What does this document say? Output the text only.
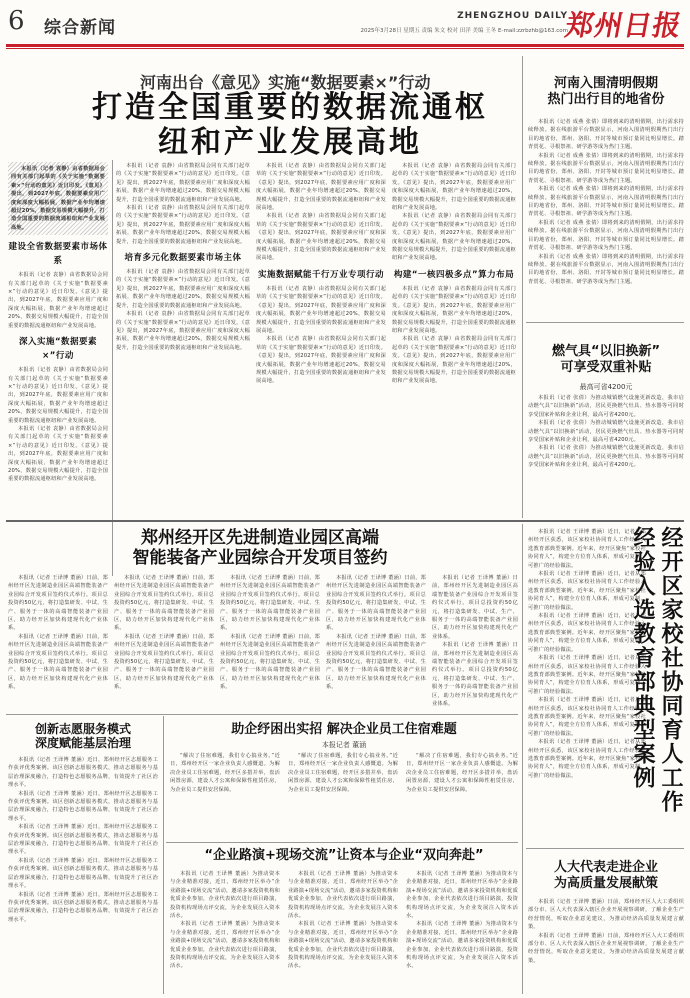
6 综合新闻
ZHENGZHOU DAILY
2025年3月28日 星期五 责编 朱文 校对 田洋 美编 王冬 E-mail:zzrbzhb@163.com
郑州日报
河南出台《意见》实施“数据要素×”行动
打造全国重要的数据流通枢纽和产业发展高地

本报讯（记者 袁静）由省数据局会同有关部门起草的《关于实施“数据要素×”行动的意见》近日印发。《意见》提出，到2027年底，数据要素应用广度和深度大幅拓展，数据产业年均增速超过20%，数据交易规模大幅提升，打造全国重要的数据流通枢纽和产业发展高地。

建设全省数据要素市场体系

本报讯（记者 袁静）由省数据局会同有关部门起草的《关于实施“数据要素×”行动的意见》近日印发。《意见》提出，到2027年底，数据要素应用广度和深度大幅拓展，数据产业年均增速超过20%，数据交易规模大幅提升，打造全国重要的数据流通枢纽和产业发展高地。

深入实施“数据要素×”行动

本报讯（记者 袁静）由省数据局会同有关部门起草的《关于实施“数据要素×”行动的意见》近日印发。《意见》提出，到2027年底，数据要素应用广度和深度大幅拓展，数据产业年均增速超过20%，数据交易规模大幅提升，打造全国重要的数据流通枢纽和产业发展高地。

本报讯（记者 袁静）由省数据局会同有关部门起草的《关于实施“数据要素×”行动的意见》近日印发。《意见》提出，到2027年底，数据要素应用广度和深度大幅拓展，数据产业年均增速超过20%，数据交易规模大幅提升，打造全国重要的数据流通枢纽和产业发展高地。

本报讯（记者 袁静）由省数据局会同有关部门起草的《关于实施“数据要素×”行动的意见》近日印发。《意见》提出，到2027年底，数据要素应用广度和深度大幅拓展，数据产业年均增速超过20%，数据交易规模大幅提升，打造全国重要的数据流通枢纽和产业发展高地。

本报讯（记者 袁静）由省数据局会同有关部门起草的《关于实施“数据要素×”行动的意见》近日印发。《意见》提出，到2027年底，数据要素应用广度和深度大幅拓展，数据产业年均增速超过20%，数据交易规模大幅提升，打造全国重要的数据流通枢纽和产业发展高地。

培育多元化数据要素市场主体

本报讯（记者 袁静）由省数据局会同有关部门起草的《关于实施“数据要素×”行动的意见》近日印发。《意见》提出，到2027年底，数据要素应用广度和深度大幅拓展，数据产业年均增速超过20%，数据交易规模大幅提升，打造全国重要的数据流通枢纽和产业发展高地。

本报讯（记者 袁静）由省数据局会同有关部门起草的《关于实施“数据要素×”行动的意见》近日印发。《意见》提出，到2027年底，数据要素应用广度和深度大幅拓展，数据产业年均增速超过20%，数据交易规模大幅提升，打造全国重要的数据流通枢纽和产业发展高地。

本报讯（记者 袁静）由省数据局会同有关部门起草的《关于实施“数据要素×”行动的意见》近日印发。《意见》提出，到2027年底，数据要素应用广度和深度大幅拓展，数据产业年均增速超过20%，数据交易规模大幅提升，打造全国重要的数据流通枢纽和产业发展高地。

本报讯（记者 袁静）由省数据局会同有关部门起草的《关于实施“数据要素×”行动的意见》近日印发。《意见》提出，到2027年底，数据要素应用广度和深度大幅拓展，数据产业年均增速超过20%，数据交易规模大幅提升，打造全国重要的数据流通枢纽和产业发展高地。

实施数据赋能千行万业专项行动

本报讯（记者 袁静）由省数据局会同有关部门起草的《关于实施“数据要素×”行动的意见》近日印发。《意见》提出，到2027年底，数据要素应用广度和深度大幅拓展，数据产业年均增速超过20%，数据交易规模大幅提升，打造全国重要的数据流通枢纽和产业发展高地。

本报讯（记者 袁静）由省数据局会同有关部门起草的《关于实施“数据要素×”行动的意见》近日印发。《意见》提出，到2027年底，数据要素应用广度和深度大幅拓展，数据产业年均增速超过20%，数据交易规模大幅提升，打造全国重要的数据流通枢纽和产业发展高地。

本报讯（记者 袁静）由省数据局会同有关部门起草的《关于实施“数据要素×”行动的意见》近日印发。《意见》提出，到2027年底，数据要素应用广度和深度大幅拓展，数据产业年均增速超过20%，数据交易规模大幅提升，打造全国重要的数据流通枢纽和产业发展高地。

本报讯（记者 袁静）由省数据局会同有关部门起草的《关于实施“数据要素×”行动的意见》近日印发。《意见》提出，到2027年底，数据要素应用广度和深度大幅拓展，数据产业年均增速超过20%，数据交易规模大幅提升，打造全国重要的数据流通枢纽和产业发展高地。

构建“一核四极多点”算力布局

本报讯（记者 袁静）由省数据局会同有关部门起草的《关于实施“数据要素×”行动的意见》近日印发。《意见》提出，到2027年底，数据要素应用广度和深度大幅拓展，数据产业年均增速超过20%，数据交易规模大幅提升，打造全国重要的数据流通枢纽和产业发展高地。

本报讯（记者 袁静）由省数据局会同有关部门起草的《关于实施“数据要素×”行动的意见》近日印发。《意见》提出，到2027年底，数据要素应用广度和深度大幅拓展，数据产业年均增速超过20%，数据交易规模大幅提升，打造全国重要的数据流通枢纽和产业发展高地。

河南入围清明假期
热门出行目的地省份

本报讯（记者 成燕 张倩）即将到来的清明假期，出行需求持续释放。据在线旅游平台数据显示，河南入围清明假期热门出行目的地省份，郑州、洛阳、开封等城市预订量同比明显增长。踏青赏花、寻根祭祖、研学游等成为热门主题。

本报讯（记者 成燕 张倩）即将到来的清明假期，出行需求持续释放。据在线旅游平台数据显示，河南入围清明假期热门出行目的地省份，郑州、洛阳、开封等城市预订量同比明显增长。踏青赏花、寻根祭祖、研学游等成为热门主题。

本报讯（记者 成燕 张倩）即将到来的清明假期，出行需求持续释放。据在线旅游平台数据显示，河南入围清明假期热门出行目的地省份，郑州、洛阳、开封等城市预订量同比明显增长。踏青赏花、寻根祭祖、研学游等成为热门主题。

本报讯（记者 成燕 张倩）即将到来的清明假期，出行需求持续释放。据在线旅游平台数据显示，河南入围清明假期热门出行目的地省份，郑州、洛阳、开封等城市预订量同比明显增长。踏青赏花、寻根祭祖、研学游等成为热门主题。

本报讯（记者 成燕 张倩）即将到来的清明假期，出行需求持续释放。据在线旅游平台数据显示，河南入围清明假期热门出行目的地省份，郑州、洛阳、开封等城市预订量同比明显增长。踏青赏花、寻根祭祖、研学游等成为热门主题。

燃气具“以旧换新”
可享受双重补贴
最高可省4200元

本报讯（记者 张倩）为推动城镇燃气设施更新改造，我市启动燃气具“以旧换新”活动，居民更换燃气灶具、热水器等可同时享受国家补贴和企业让利，最高可省4200元。

本报讯（记者 张倩）为推动城镇燃气设施更新改造，我市启动燃气具“以旧换新”活动，居民更换燃气灶具、热水器等可同时享受国家补贴和企业让利，最高可省4200元。

本报讯（记者 张倩）为推动城镇燃气设施更新改造，我市启动燃气具“以旧换新”活动，居民更换燃气灶具、热水器等可同时享受国家补贴和企业让利，最高可省4200元。

郑州经开区先进制造业园区高端
智能装备产业园综合开发项目签约

本报讯（记者 王译博 董涵）日前，郑州经开区先进制造业园区高端智能装备产业园综合开发项目签约仪式举行。项目总投资约50亿元，将打造集研发、中试、生产、服务于一体的高端智能装备产业园区，助力经开区加快构建现代化产业体系。

本报讯（记者 王译博 董涵）日前，郑州经开区先进制造业园区高端智能装备产业园综合开发项目签约仪式举行。项目总投资约50亿元，将打造集研发、中试、生产、服务于一体的高端智能装备产业园区，助力经开区加快构建现代化产业体系。

本报讯（记者 王译博 董涵）日前，郑州经开区先进制造业园区高端智能装备产业园综合开发项目签约仪式举行。项目总投资约50亿元，将打造集研发、中试、生产、服务于一体的高端智能装备产业园区，助力经开区加快构建现代化产业体系。

本报讯（记者 王译博 董涵）日前，郑州经开区先进制造业园区高端智能装备产业园综合开发项目签约仪式举行。项目总投资约50亿元，将打造集研发、中试、生产、服务于一体的高端智能装备产业园区，助力经开区加快构建现代化产业体系。

本报讯（记者 王译博 董涵）日前，郑州经开区先进制造业园区高端智能装备产业园综合开发项目签约仪式举行。项目总投资约50亿元，将打造集研发、中试、生产、服务于一体的高端智能装备产业园区，助力经开区加快构建现代化产业体系。

本报讯（记者 王译博 董涵）日前，郑州经开区先进制造业园区高端智能装备产业园综合开发项目签约仪式举行。项目总投资约50亿元，将打造集研发、中试、生产、服务于一体的高端智能装备产业园区，助力经开区加快构建现代化产业体系。

本报讯（记者 王译博 董涵）日前，郑州经开区先进制造业园区高端智能装备产业园综合开发项目签约仪式举行。项目总投资约50亿元，将打造集研发、中试、生产、服务于一体的高端智能装备产业园区，助力经开区加快构建现代化产业体系。

本报讯（记者 王译博 董涵）日前，郑州经开区先进制造业园区高端智能装备产业园综合开发项目签约仪式举行。项目总投资约50亿元，将打造集研发、中试、生产、服务于一体的高端智能装备产业园区，助力经开区加快构建现代化产业体系。

本报讯（记者 王译博 董涵）日前，郑州经开区先进制造业园区高端智能装备产业园综合开发项目签约仪式举行。项目总投资约50亿元，将打造集研发、中试、生产、服务于一体的高端智能装备产业园区，助力经开区加快构建现代化产业体系。

本报讯（记者 王译博 董涵）日前，郑州经开区先进制造业园区高端智能装备产业园综合开发项目签约仪式举行。项目总投资约50亿元，将打造集研发、中试、生产、服务于一体的高端智能装备产业园区，助力经开区加快构建现代化产业体系。

本报讯（记者 王译博 董涵）近日，记者从郑州经开区获悉，该区家校社协同育人工作经验入选教育部典型案例。近年来，经开区聚焦“家校社协同育人”，构建全方位育人体系，形成可复制、可推广的经验做法。

本报讯（记者 王译博 董涵）近日，记者从郑州经开区获悉，该区家校社协同育人工作经验入选教育部典型案例。近年来，经开区聚焦“家校社协同育人”，构建全方位育人体系，形成可复制、可推广的经验做法。

本报讯（记者 王译博 董涵）近日，记者从郑州经开区获悉，该区家校社协同育人工作经验入选教育部典型案例。近年来，经开区聚焦“家校社协同育人”，构建全方位育人体系，形成可复制、可推广的经验做法。

本报讯（记者 王译博 董涵）近日，记者从郑州经开区获悉，该区家校社协同育人工作经验入选教育部典型案例。近年来，经开区聚焦“家校社协同育人”，构建全方位育人体系，形成可复制、可推广的经验做法。

本报讯（记者 王译博 董涵）近日，记者从郑州经开区获悉，该区家校社协同育人工作经验入选教育部典型案例。近年来，经开区聚焦“家校社协同育人”，构建全方位育人体系，形成可复制、可推广的经验做法。

本报讯（记者 王译博 董涵）近日，记者从郑州经开区获悉，该区家校社协同育人工作经验入选教育部典型案例。近年来，经开区聚焦“家校社协同育人”，构建全方位育人体系，形成可复制、可推广的经验做法。	经开区家校社协同育人工作经验入选教育部典型案例
创新志愿服务模式
深度赋能基层治理

本报讯（记者 王译博 董涵）近日，郑州经开区志愿服务工作获评优秀案例。该区创新志愿服务模式，推动志愿服务与基层治理深度融合，打造特色志愿服务品牌，有效提升了社区治理水平。

本报讯（记者 王译博 董涵）近日，郑州经开区志愿服务工作获评优秀案例。该区创新志愿服务模式，推动志愿服务与基层治理深度融合，打造特色志愿服务品牌，有效提升了社区治理水平。

本报讯（记者 王译博 董涵）近日，郑州经开区志愿服务工作获评优秀案例。该区创新志愿服务模式，推动志愿服务与基层治理深度融合，打造特色志愿服务品牌，有效提升了社区治理水平。

本报讯（记者 王译博 董涵）近日，郑州经开区志愿服务工作获评优秀案例。该区创新志愿服务模式，推动志愿服务与基层治理深度融合，打造特色志愿服务品牌，有效提升了社区治理水平。

本报讯（记者 王译博 董涵）近日，郑州经开区志愿服务工作获评优秀案例。该区创新志愿服务模式，推动志愿服务与基层治理深度融合，打造特色志愿服务品牌，有效提升了社区治理水平。

助企纾困出实招 解决企业员工住宿难题
本报记者 董涵

“解决了住宿难题，我们专心搞业务。”近日，郑州经开区一家企业负责人感慨道。为解决企业员工住宿难题，经开区多措并举，盘活闲置房源，建设人才公寓和保障性租赁住房，为企业员工提供安居保障。

“解决了住宿难题，我们专心搞业务。”近日，郑州经开区一家企业负责人感慨道。为解决企业员工住宿难题，经开区多措并举，盘活闲置房源，建设人才公寓和保障性租赁住房，为企业员工提供安居保障。

“解决了住宿难题，我们专心搞业务。”近日，郑州经开区一家企业负责人感慨道。为解决企业员工住宿难题，经开区多措并举，盘活闲置房源，建设人才公寓和保障性租赁住房，为企业员工提供安居保障。

“企业路演+现场交流”让资本与企业“双向奔赴”

本报讯（记者 王译博 董涵）为推动资本与企业精准对接，近日，郑州经开区举办“企业路演+现场交流”活动，邀请多家投资机构和优质企业参加，企业代表依次进行项目路演，投资机构现场点评交流，为企业发展注入资本活水。

本报讯（记者 王译博 董涵）为推动资本与企业精准对接，近日，郑州经开区举办“企业路演+现场交流”活动，邀请多家投资机构和优质企业参加，企业代表依次进行项目路演，投资机构现场点评交流，为企业发展注入资本活水。

本报讯（记者 王译博 董涵）为推动资本与企业精准对接，近日，郑州经开区举办“企业路演+现场交流”活动，邀请多家投资机构和优质企业参加，企业代表依次进行项目路演，投资机构现场点评交流，为企业发展注入资本活水。

本报讯（记者 王译博 董涵）为推动资本与企业精准对接，近日，郑州经开区举办“企业路演+现场交流”活动，邀请多家投资机构和优质企业参加，企业代表依次进行项目路演，投资机构现场点评交流，为企业发展注入资本活水。

本报讯（记者 王译博 董涵）为推动资本与企业精准对接，近日，郑州经开区举办“企业路演+现场交流”活动，邀请多家投资机构和优质企业参加，企业代表依次进行项目路演，投资机构现场点评交流，为企业发展注入资本活水。

本报讯（记者 王译博 董涵）为推动资本与企业精准对接，近日，郑州经开区举办“企业路演+现场交流”活动，邀请多家投资机构和优质企业参加，企业代表依次进行项目路演，投资机构现场点评交流，为企业发展注入资本活水。

人大代表走进企业
为高质量发展献策

本报讯（记者 王译博 董涵）日前，郑州经开区人大工委组织部分市、区人大代表深入辖区企业开展视察调研，了解企业生产经营情况，听取企业意见建议，为推动经济高质量发展建言献策。

本报讯（记者 王译博 董涵）日前，郑州经开区人大工委组织部分市、区人大代表深入辖区企业开展视察调研，了解企业生产经营情况，听取企业意见建议，为推动经济高质量发展建言献策。
